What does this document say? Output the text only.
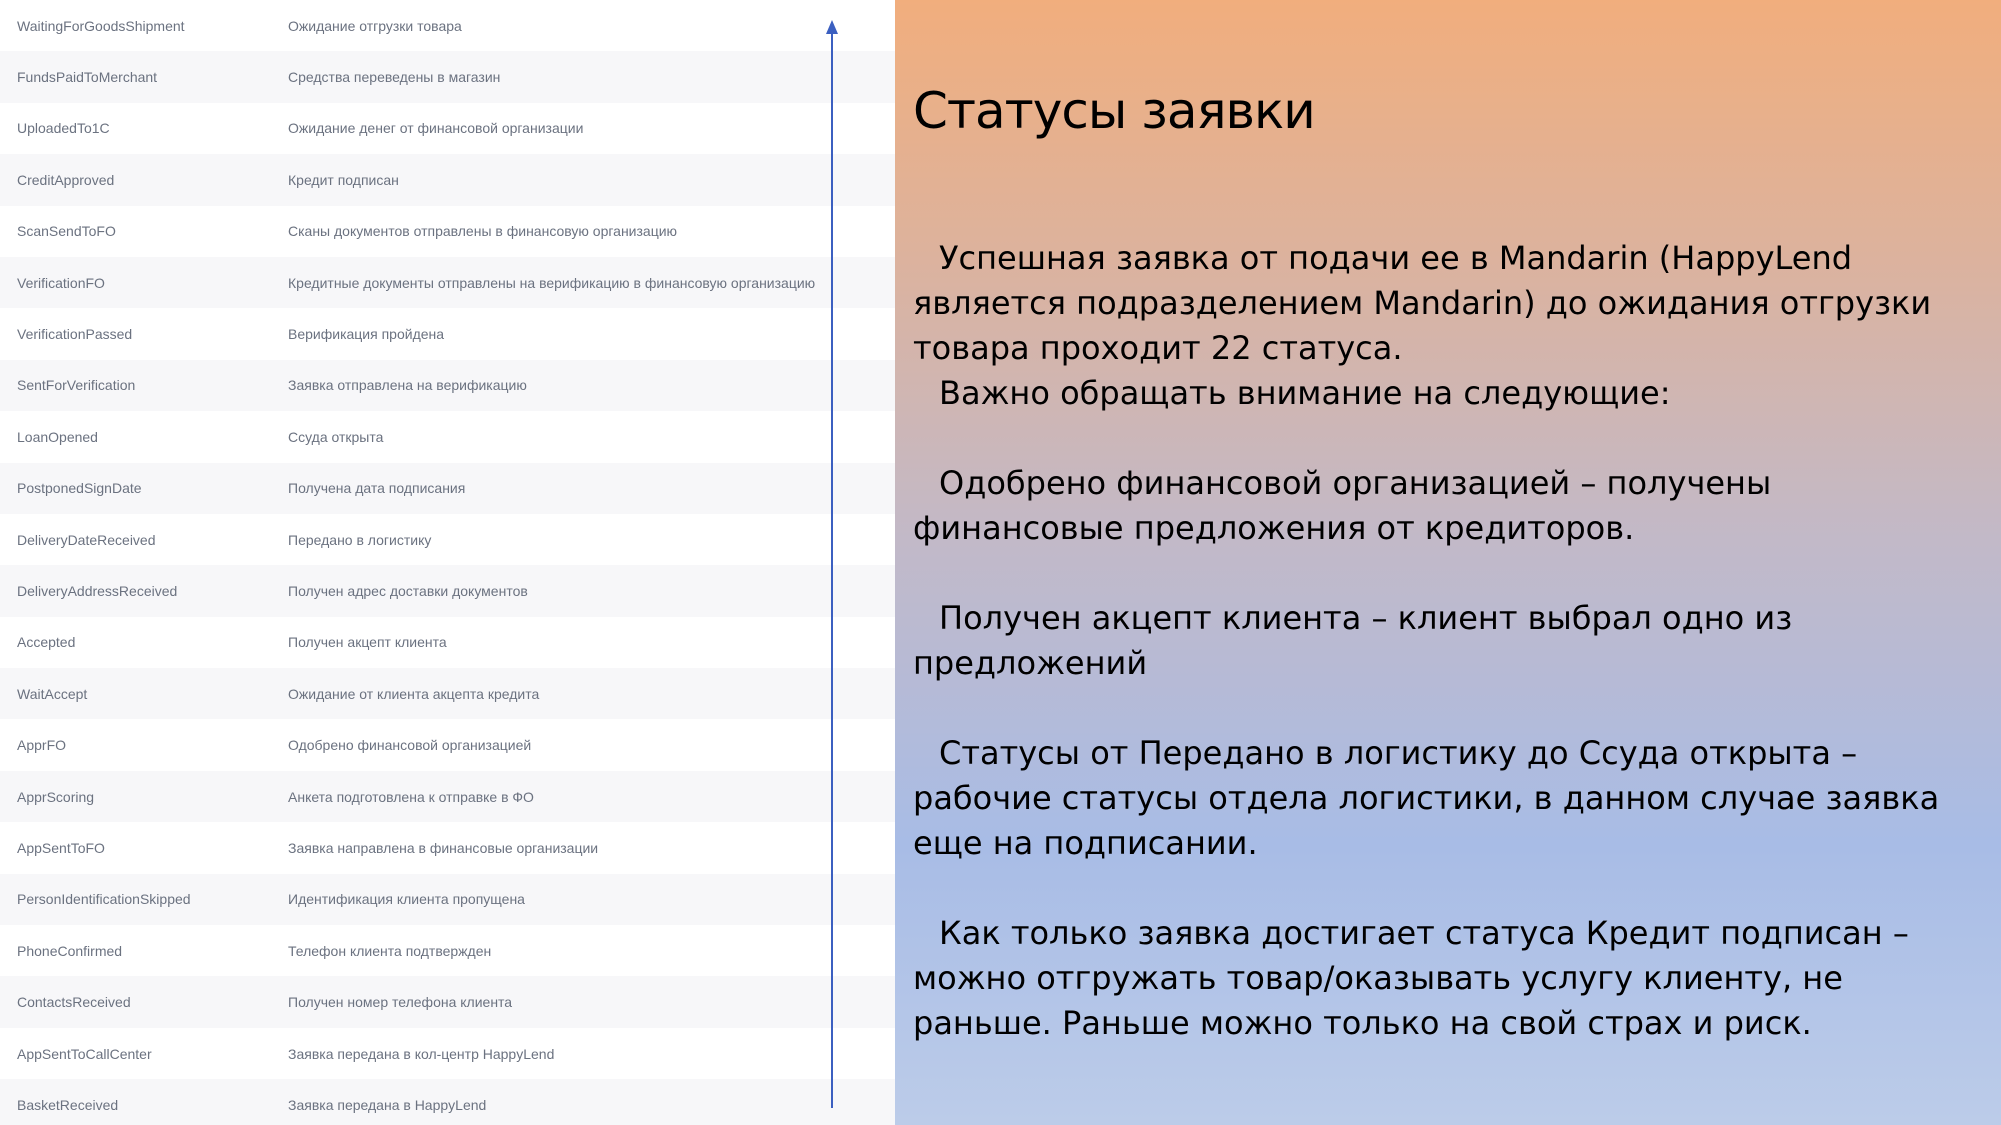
WaitingForGoodsShipment	Ожидание отгрузки товара
FundsPaidToMerchant	Средства переведены в магазин
UploadedTo1C	Ожидание денег от финансовой организации
CreditApproved	Кредит подписан
ScanSendToFO	Сканы документов отправлены в финансовую организацию
VerificationFO	Кредитные документы отправлены на верификацию в финансовую организацию
VerificationPassed	Верификация пройдена
SentForVerification	Заявка отправлена на верификацию
LoanOpened	Ссуда открыта
PostponedSignDate	Получена дата подписания
DeliveryDateReceived	Передано в логистику
DeliveryAddressReceived	Получен адрес доставки документов
Accepted	Получен акцепт клиента
WaitAccept	Ожидание от клиента акцепта кредита
ApprFO	Одобрено финансовой организацией
ApprScoring	Анкета подготовлена к отправке в ФО
AppSentToFO	Заявка направлена в финансовые организации
PersonIdentificationSkipped	Идентификация клиента пропущена
PhoneConfirmed	Телефон клиента подтвержден
ContactsReceived	Получен номер телефона клиента
AppSentToCallCenter	Заявка передана в кол-центр HappyLend
BasketReceived	Заявка передана в HappyLend
Статусы заявки

Успешная заявка от подачи ее в Mandarin (HappyLend является подразделением Mandarin) до ожидания отгрузки товара проходит 22 статуса.

Важно обращать внимание на следующие:

Одобрено финансовой организацией – получены финансовые предложения от кредиторов.

Получен акцепт клиента – клиент выбрал одно из предложений

Статусы от Передано в логистику до Ссуда открыта – рабочие статусы отдела логистики, в данном случае заявка еще на подписании.

Как только заявка достигает статуса Кредит подписан – можно отгружать товар/оказывать услугу клиенту, не раньше. Раньше можно только на свой страх и риск.
